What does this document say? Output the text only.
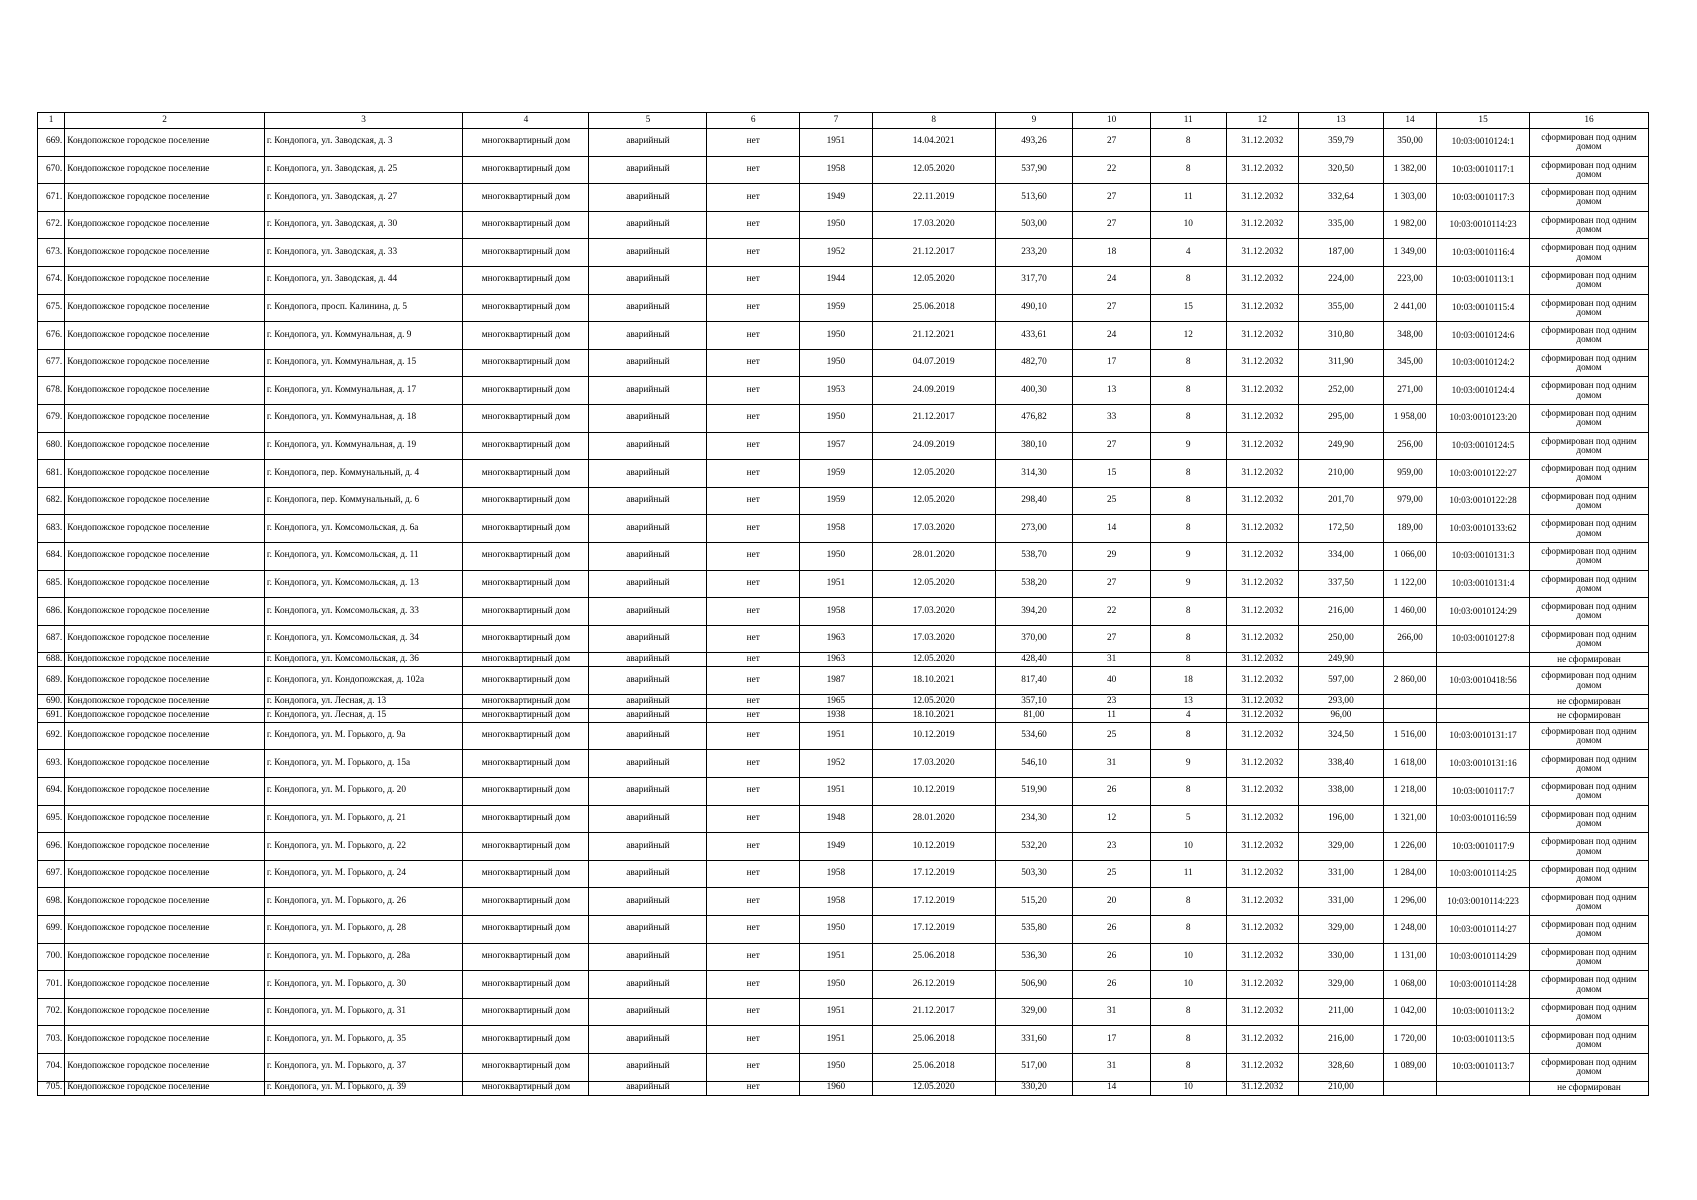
1	2	3	4	5	6	7	8	9	10	11	12	13	14	15	16
669.	Кондопожское городское поселение	г. Кондопога, ул. Заводская, д. 3	многоквартирный дом	аварийный	нет	1951	14.04.2021	493,26	27	8	31.12.2032	359,79	350,00	10:03:0010124:1	сформирован под одним домом
670.	Кондопожское городское поселение	г. Кондопога, ул. Заводская, д. 25	многоквартирный дом	аварийный	нет	1958	12.05.2020	537,90	22	8	31.12.2032	320,50	1 382,00	10:03:0010117:1	сформирован под одним домом
671.	Кондопожское городское поселение	г. Кондопога, ул. Заводская, д. 27	многоквартирный дом	аварийный	нет	1949	22.11.2019	513,60	27	11	31.12.2032	332,64	1 303,00	10:03:0010117:3	сформирован под одним домом
672.	Кондопожское городское поселение	г. Кондопога, ул. Заводская, д. 30	многоквартирный дом	аварийный	нет	1950	17.03.2020	503,00	27	10	31.12.2032	335,00	1 982,00	10:03:0010114:23	сформирован под одним домом
673.	Кондопожское городское поселение	г. Кондопога, ул. Заводская, д. 33	многоквартирный дом	аварийный	нет	1952	21.12.2017	233,20	18	4	31.12.2032	187,00	1 349,00	10:03:0010116:4	сформирован под одним домом
674.	Кондопожское городское поселение	г. Кондопога, ул. Заводская, д. 44	многоквартирный дом	аварийный	нет	1944	12.05.2020	317,70	24	8	31.12.2032	224,00	223,00	10:03:0010113:1	сформирован под одним домом
675.	Кондопожское городское поселение	г. Кондопога, просп. Калинина, д. 5	многоквартирный дом	аварийный	нет	1959	25.06.2018	490,10	27	15	31.12.2032	355,00	2 441,00	10:03:0010115:4	сформирован под одним домом
676.	Кондопожское городское поселение	г. Кондопога, ул. Коммунальная, д. 9	многоквартирный дом	аварийный	нет	1950	21.12.2021	433,61	24	12	31.12.2032	310,80	348,00	10:03:0010124:6	сформирован под одним домом
677.	Кондопожское городское поселение	г. Кондопога, ул. Коммунальная, д. 15	многоквартирный дом	аварийный	нет	1950	04.07.2019	482,70	17	8	31.12.2032	311,90	345,00	10:03:0010124:2	сформирован под одним домом
678.	Кондопожское городское поселение	г. Кондопога, ул. Коммунальная, д. 17	многоквартирный дом	аварийный	нет	1953	24.09.2019	400,30	13	8	31.12.2032	252,00	271,00	10:03:0010124:4	сформирован под одним домом
679.	Кондопожское городское поселение	г. Кондопога, ул. Коммунальная, д. 18	многоквартирный дом	аварийный	нет	1950	21.12.2017	476,82	33	8	31.12.2032	295,00	1 958,00	10:03:0010123:20	сформирован под одним домом
680.	Кондопожское городское поселение	г. Кондопога, ул. Коммунальная, д. 19	многоквартирный дом	аварийный	нет	1957	24.09.2019	380,10	27	9	31.12.2032	249,90	256,00	10:03:0010124:5	сформирован под одним домом
681.	Кондопожское городское поселение	г. Кондопога, пер. Коммунальный, д. 4	многоквартирный дом	аварийный	нет	1959	12.05.2020	314,30	15	8	31.12.2032	210,00	959,00	10:03:0010122:27	сформирован под одним домом
682.	Кондопожское городское поселение	г. Кондопога, пер. Коммунальный, д. 6	многоквартирный дом	аварийный	нет	1959	12.05.2020	298,40	25	8	31.12.2032	201,70	979,00	10:03:0010122:28	сформирован под одним домом
683.	Кондопожское городское поселение	г. Кондопога, ул. Комсомольская, д. 6а	многоквартирный дом	аварийный	нет	1958	17.03.2020	273,00	14	8	31.12.2032	172,50	189,00	10:03:0010133:62	сформирован под одним домом
684.	Кондопожское городское поселение	г. Кондопога, ул. Комсомольская, д. 11	многоквартирный дом	аварийный	нет	1950	28.01.2020	538,70	29	9	31.12.2032	334,00	1 066,00	10:03:0010131:3	сформирован под одним домом
685.	Кондопожское городское поселение	г. Кондопога, ул. Комсомольская, д. 13	многоквартирный дом	аварийный	нет	1951	12.05.2020	538,20	27	9	31.12.2032	337,50	1 122,00	10:03:0010131:4	сформирован под одним домом
686.	Кондопожское городское поселение	г. Кондопога, ул. Комсомольская, д. 33	многоквартирный дом	аварийный	нет	1958	17.03.2020	394,20	22	8	31.12.2032	216,00	1 460,00	10:03:0010124:29	сформирован под одним домом
687.	Кондопожское городское поселение	г. Кондопога, ул. Комсомольская, д. 34	многоквартирный дом	аварийный	нет	1963	17.03.2020	370,00	27	8	31.12.2032	250,00	266,00	10:03:0010127:8	сформирован под одним домом
688.	Кондопожское городское поселение	г. Кондопога, ул. Комсомольская, д. 36	многоквартирный дом	аварийный	нет	1963	12.05.2020	428,40	31	8	31.12.2032	249,90			не сформирован
689.	Кондопожское городское поселение	г. Кондопога, ул. Кондопожская, д. 102а	многоквартирный дом	аварийный	нет	1987	18.10.2021	817,40	40	18	31.12.2032	597,00	2 860,00	10:03:0010418:56	сформирован под одним домом
690.	Кондопожское городское поселение	г. Кондопога, ул. Лесная, д. 13	многоквартирный дом	аварийный	нет	1965	12.05.2020	357,10	23	13	31.12.2032	293,00			не сформирован
691.	Кондопожское городское поселение	г. Кондопога, ул. Лесная, д. 15	многоквартирный дом	аварийный	нет	1938	18.10.2021	81,00	11	4	31.12.2032	96,00			не сформирован
692.	Кондопожское городское поселение	г. Кондопога, ул. М. Горького, д. 9а	многоквартирный дом	аварийный	нет	1951	10.12.2019	534,60	25	8	31.12.2032	324,50	1 516,00	10:03:0010131:17	сформирован под одним домом
693.	Кондопожское городское поселение	г. Кондопога, ул. М. Горького, д. 15а	многоквартирный дом	аварийный	нет	1952	17.03.2020	546,10	31	9	31.12.2032	338,40	1 618,00	10:03:0010131:16	сформирован под одним домом
694.	Кондопожское городское поселение	г. Кондопога, ул. М. Горького, д. 20	многоквартирный дом	аварийный	нет	1951	10.12.2019	519,90	26	8	31.12.2032	338,00	1 218,00	10:03:0010117:7	сформирован под одним домом
695.	Кондопожское городское поселение	г. Кондопога, ул. М. Горького, д. 21	многоквартирный дом	аварийный	нет	1948	28.01.2020	234,30	12	5	31.12.2032	196,00	1 321,00	10:03:0010116:59	сформирован под одним домом
696.	Кондопожское городское поселение	г. Кондопога, ул. М. Горького, д. 22	многоквартирный дом	аварийный	нет	1949	10.12.2019	532,20	23	10	31.12.2032	329,00	1 226,00	10:03:0010117:9	сформирован под одним домом
697.	Кондопожское городское поселение	г. Кондопога, ул. М. Горького, д. 24	многоквартирный дом	аварийный	нет	1958	17.12.2019	503,30	25	11	31.12.2032	331,00	1 284,00	10:03:0010114:25	сформирован под одним домом
698.	Кондопожское городское поселение	г. Кондопога, ул. М. Горького, д. 26	многоквартирный дом	аварийный	нет	1958	17.12.2019	515,20	20	8	31.12.2032	331,00	1 296,00	10:03:0010114:223	сформирован под одним домом
699.	Кондопожское городское поселение	г. Кондопога, ул. М. Горького, д. 28	многоквартирный дом	аварийный	нет	1950	17.12.2019	535,80	26	8	31.12.2032	329,00	1 248,00	10:03:0010114:27	сформирован под одним домом
700.	Кондопожское городское поселение	г. Кондопога, ул. М. Горького, д. 28а	многоквартирный дом	аварийный	нет	1951	25.06.2018	536,30	26	10	31.12.2032	330,00	1 131,00	10:03:0010114:29	сформирован под одним домом
701.	Кондопожское городское поселение	г. Кондопога, ул. М. Горького, д. 30	многоквартирный дом	аварийный	нет	1950	26.12.2019	506,90	26	10	31.12.2032	329,00	1 068,00	10:03:0010114:28	сформирован под одним домом
702.	Кондопожское городское поселение	г. Кондопога, ул. М. Горького, д. 31	многоквартирный дом	аварийный	нет	1951	21.12.2017	329,00	31	8	31.12.2032	211,00	1 042,00	10:03:0010113:2	сформирован под одним домом
703.	Кондопожское городское поселение	г. Кондопога, ул. М. Горького, д. 35	многоквартирный дом	аварийный	нет	1951	25.06.2018	331,60	17	8	31.12.2032	216,00	1 720,00	10:03:0010113:5	сформирован под одним домом
704.	Кондопожское городское поселение	г. Кондопога, ул. М. Горького, д. 37	многоквартирный дом	аварийный	нет	1950	25.06.2018	517,00	31	8	31.12.2032	328,60	1 089,00	10:03:0010113:7	сформирован под одним домом
705.	Кондопожское городское поселение	г. Кондопога, ул. М. Горького, д. 39	многоквартирный дом	аварийный	нет	1960	12.05.2020	330,20	14	10	31.12.2032	210,00			не сформирован
